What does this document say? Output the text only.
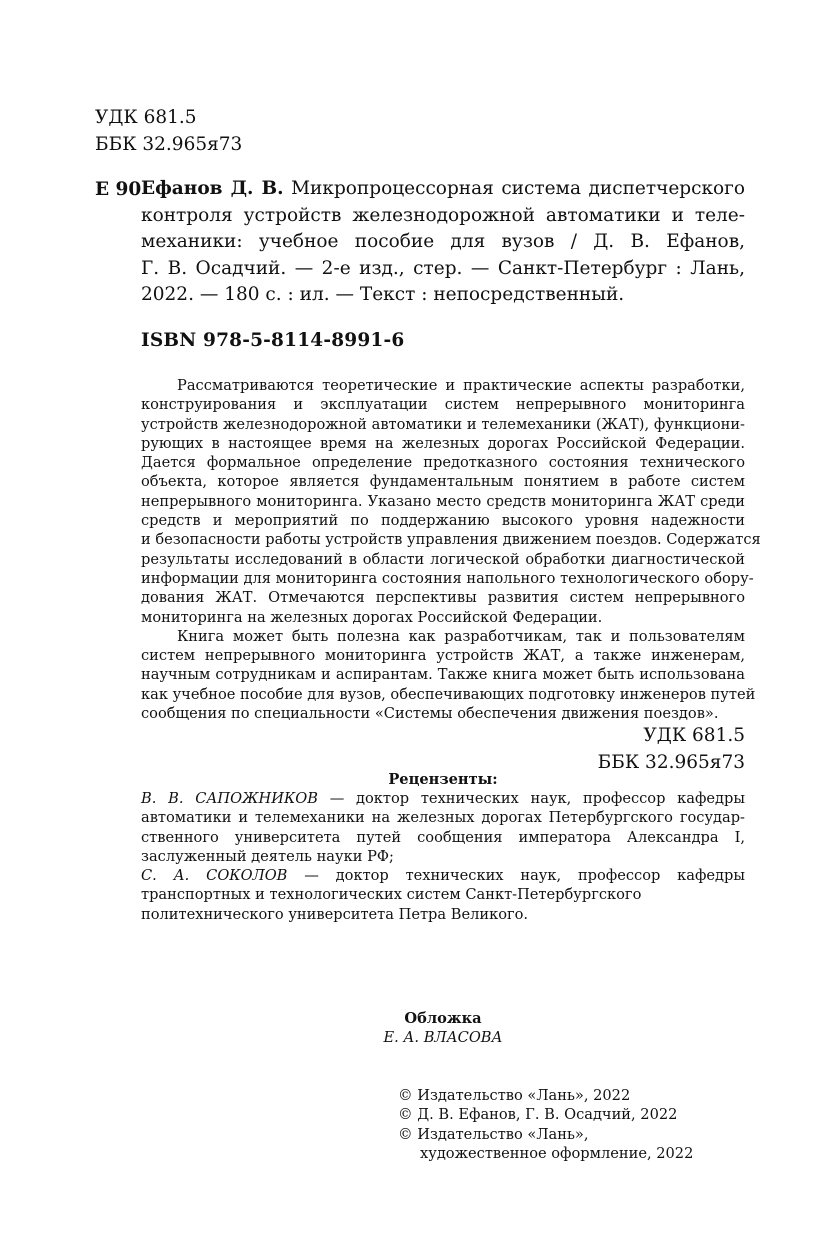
УДК 681.5
ББК 32.965я73
Е 90 Ефанов Д. В. Микропроцессорная система диспетчерского
контроля устройств железнодорожной автоматики и теле-
механики: учебное пособие для вузов / Д. В. Ефанов,
Г. В. Осадчий. — 2-е изд., стер. — Санкт-Петербург : Лань,
2022. — 180 с. : ил. — Текст : непосредственный.
ISBN 978-5-8114-8991-6
Рассматриваются теоретические и практические аспекты разработки,
конструирования и эксплуатации систем непрерывного мониторинга
устройств железнодорожной автоматики и телемеханики (ЖАТ), функциони-
рующих в настоящее время на железных дорогах Российской Федерации.
Дается формальное определение предотказного состояния технического
объекта, которое является фундаментальным понятием в работе систем
непрерывного мониторинга. Указано место средств мониторинга ЖАТ среди
средств и мероприятий по поддержанию высокого уровня надежности
и безопасности работы устройств управления движением поездов. Содержатся
результаты исследований в области логической обработки диагностической
информации для мониторинга состояния напольного технологического обору-
дования ЖАТ. Отмечаются перспективы развития систем непрерывного
мониторинга на железных дорогах Российской Федерации.
Книга может быть полезна как разработчикам, так и пользователям
систем непрерывного мониторинга устройств ЖАТ, а также инженерам,
научным сотрудникам и аспирантам. Также книга может быть использована
как учебное пособие для вузов, обеспечивающих подготовку инженеров путей
сообщения по специальности «Системы обеспечения движения поездов».
УДК 681.5
ББК 32.965я73
Рецензенты:
В. В. САПОЖНИКОВ — доктор технических наук, профессор кафедры
автоматики и телемеханики на железных дорогах Петербургского государ-
ственного университета путей сообщения императора Александра I,
заслуженный деятель науки РФ;
С. А. СОКОЛОВ — доктор технических наук, профессор кафедры
транспортных и технологических систем Санкт-Петербургского
политехнического университета Петра Великого.
Обложка
Е. А. ВЛАСОВА
© Издательство «Лань», 2022
© Д. В. Ефанов, Г. В. Осадчий, 2022
© Издательство «Лань»,
художественное оформление, 2022
